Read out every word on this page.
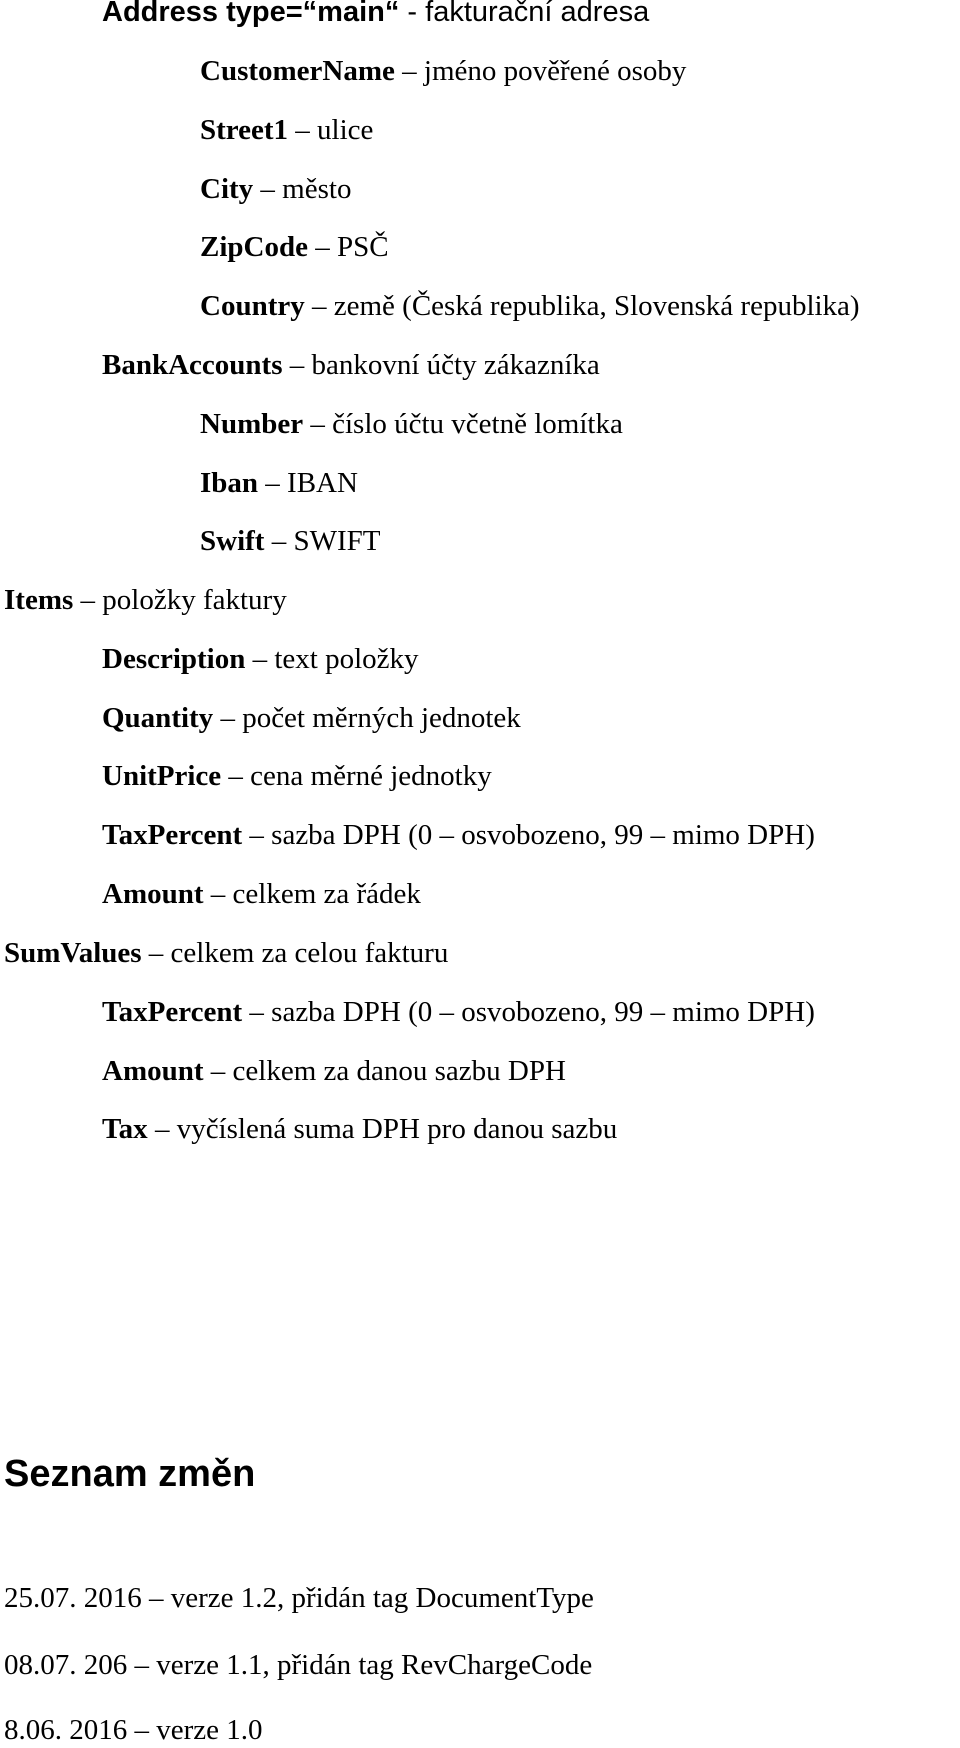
Address type=“main“ - fakturační adresa
CustomerName – jméno pověřené osoby
Street1 – ulice
City – město
ZipCode – PSČ
Country – země (Česká republika, Slovenská republika)
BankAccounts – bankovní účty zákazníka
Number – číslo účtu včetně lomítka
Iban – IBAN
Swift – SWIFT
Items – položky faktury
Description – text položky
Quantity – počet měrných jednotek
UnitPrice – cena měrné jednotky
TaxPercent – sazba DPH (0 – osvobozeno, 99 – mimo DPH)
Amount – celkem za řádek
SumValues – celkem za celou fakturu
TaxPercent – sazba DPH (0 – osvobozeno, 99 – mimo DPH)
Amount – celkem za danou sazbu DPH
Tax – vyčíslená suma DPH pro danou sazbu
Seznam změn
25.07. 2016 – verze 1.2, přidán tag DocumentType
08.07. 206 – verze 1.1, přidán tag RevChargeCode
8.06. 2016 – verze 1.0
